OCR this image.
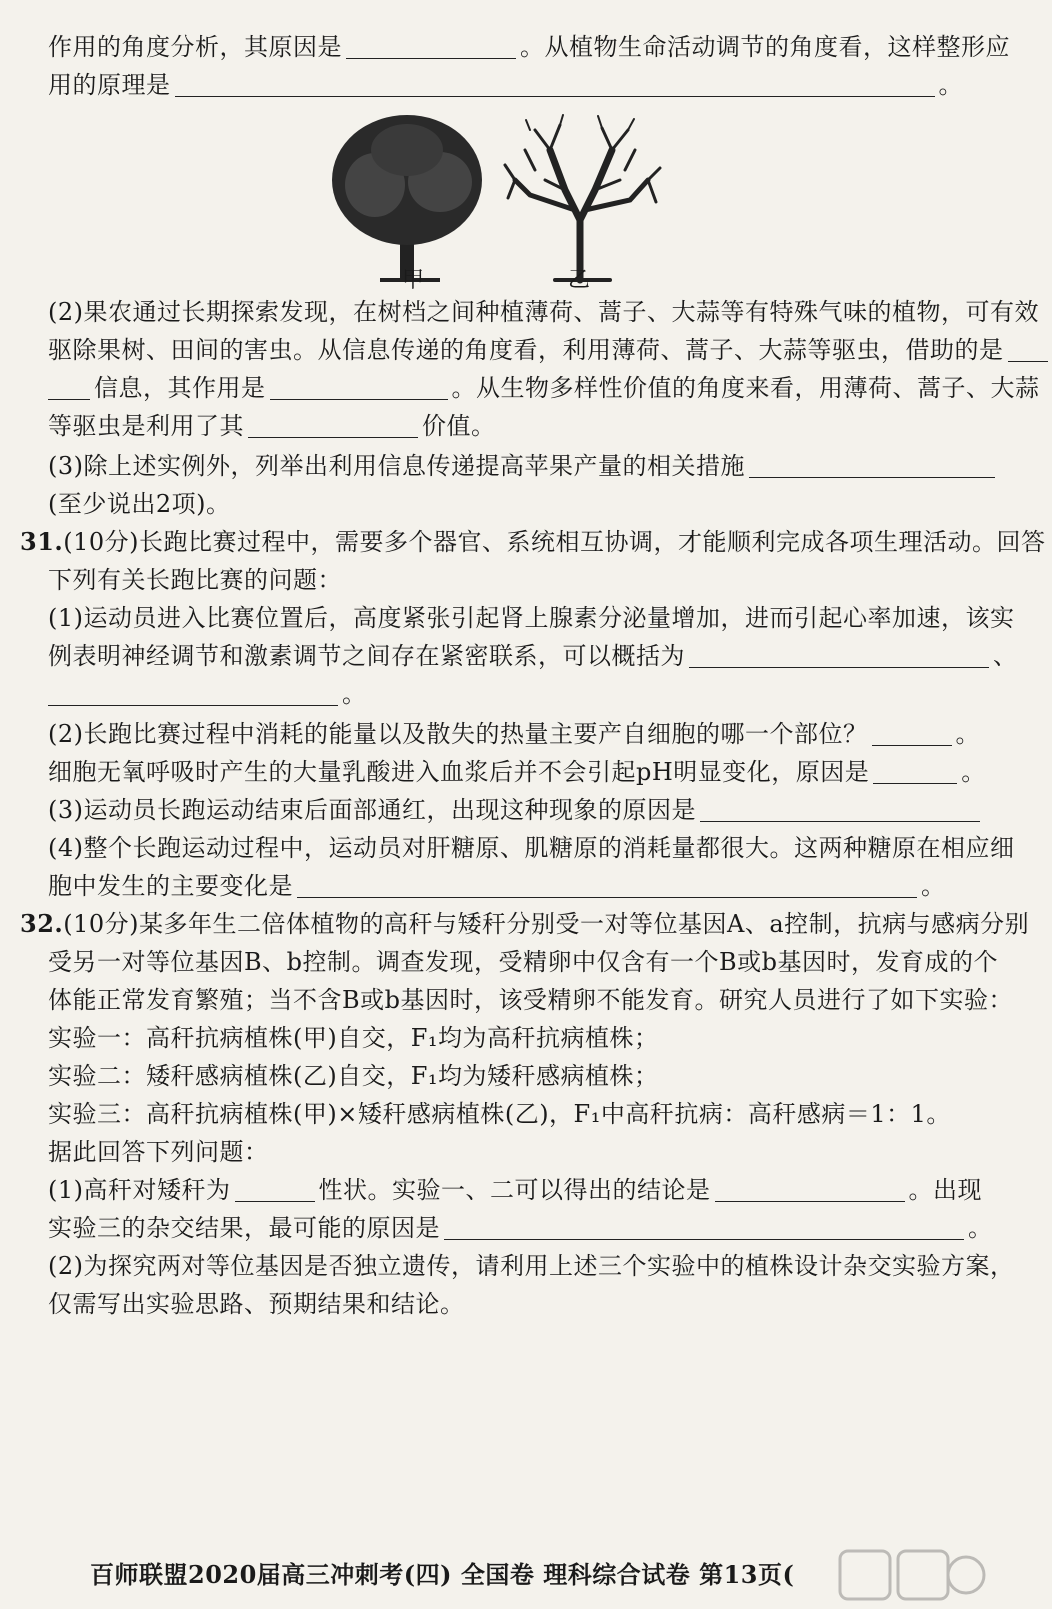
作用的角度分析，其原因是	。从植物生命活动调节的角度看，这样整形应
用的原理是	。
甲	乙
(2)果农通过长期探索发现，在树档之间种植薄荷、蒿子、大蒜等有特殊气味的植物，可有效
驱除果树、田间的害虫。从信息传递的角度看，利用薄荷、蒿子、大蒜等驱虫，借助的是
信息，其作用是	。从生物多样性价值的角度来看，用薄荷、蒿子、大蒜
等驱虫是利用了其	价值。
(3)除上述实例外，列举出利用信息传递提高苹果产量的相关措施
(至少说出2项)。
31.(10分)长跑比赛过程中，需要多个器官、系统相互协调，才能顺利完成各项生理活动。回答
下列有关长跑比赛的问题：
(1)运动员进入比赛位置后，高度紧张引起肾上腺素分泌量增加，进而引起心率加速，该实
例表明神经调节和激素调节之间存在紧密联系，可以概括为	、
。
(2)长跑比赛过程中消耗的能量以及散失的热量主要产自细胞的哪一个部位？	。
细胞无氧呼吸时产生的大量乳酸进入血浆后并不会引起pH明显变化，原因是	。
(3)运动员长跑运动结束后面部通红，出现这种现象的原因是
(4)整个长跑运动过程中，运动员对肝糖原、肌糖原的消耗量都很大。这两种糖原在相应细
胞中发生的主要变化是	。
32.(10分)某多年生二倍体植物的高秆与矮秆分别受一对等位基因A、a控制，抗病与感病分别
受另一对等位基因B、b控制。调查发现，受精卵中仅含有一个B或b基因时，发育成的个
体能正常发育繁殖；当不含B或b基因时，该受精卵不能发育。研究人员进行了如下实验：
实验一：高秆抗病植株(甲)自交，F₁均为高秆抗病植株；
实验二：矮秆感病植株(乙)自交，F₁均为矮秆感病植株；
实验三：高秆抗病植株(甲)×矮秆感病植株(乙)，F₁中高秆抗病：高秆感病＝1：1。
据此回答下列问题：
(1)高秆对矮秆为	性状。实验一、二可以得出的结论是	。出现
实验三的杂交结果，最可能的原因是	。
(2)为探究两对等位基因是否独立遗传，请利用上述三个实验中的植株设计杂交实验方案，
仅需写出实验思路、预期结果和结论。
百师联盟2020届高三冲刺考(四) 全国卷 理科综合试卷 第13页(
